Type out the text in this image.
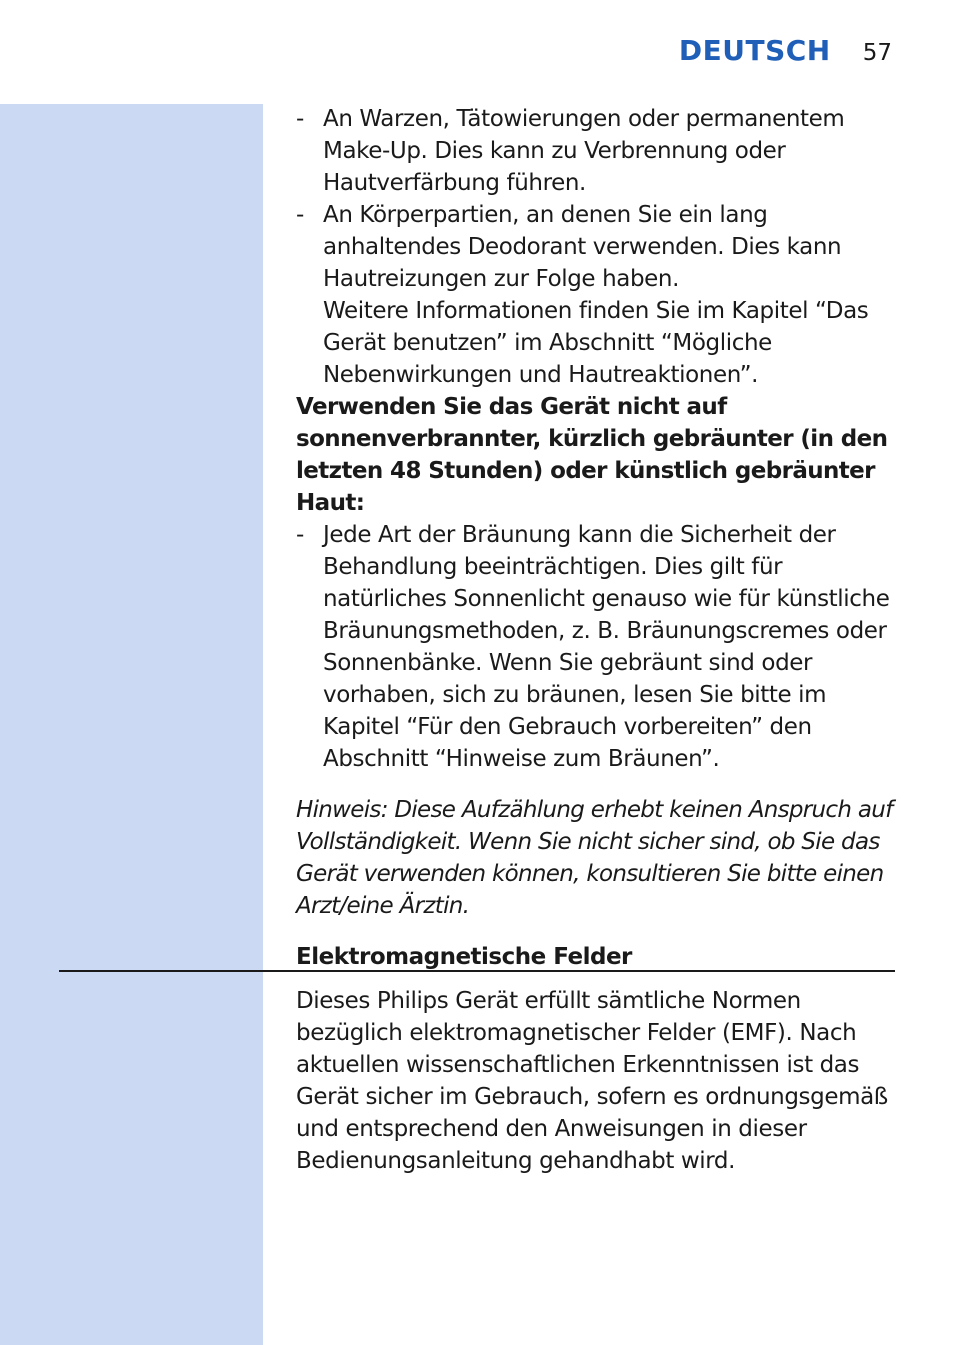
DEUTSCH 57
- An Warzen, Tätowierungen oder permanentem Make-Up. Dies kann zu Verbrennung oder Hautverfärbung führen.
- An Körperpartien, an denen Sie ein lang anhaltendes Deodorant verwenden. Dies kann Hautreizungen zur Folge haben.
Weitere Informationen finden Sie im Kapitel “Das Gerät benutzen” im Abschnitt “Mögliche Nebenwirkungen und Hautreaktionen”.

Verwenden Sie das Gerät nicht auf sonnenverbrannter, kürzlich gebräunter (in den letzten 48 Stunden) oder künstlich gebräunter Haut:

- Jede Art der Bräunung kann die Sicherheit der Behandlung beeinträchtigen. Dies gilt für natürliches Sonnenlicht genauso wie für künstliche Bräunungsmethoden, z. B. Bräunungscremes oder Sonnenbänke. Wenn Sie gebräunt sind oder vorhaben, sich zu bräunen, lesen Sie bitte im Kapitel “Für den Gebrauch vorbereiten” den Abschnitt “Hinweise zum Bräunen”.

Hinweis: Diese Aufzählung erhebt keinen Anspruch auf Vollständigkeit. Wenn Sie nicht sicher sind, ob Sie das Gerät verwenden können, konsultieren Sie bitte einen Arzt/eine Ärztin.

Elektromagnetische Felder

Dieses Philips Gerät erfüllt sämtliche Normen bezüglich elektromagnetischer Felder (EMF). Nach aktuellen wissenschaftlichen Erkenntnissen ist das Gerät sicher im Gebrauch, sofern es ordnungsgemäß und entsprechend den Anweisungen in dieser Bedienungsanleitung gehandhabt wird.
